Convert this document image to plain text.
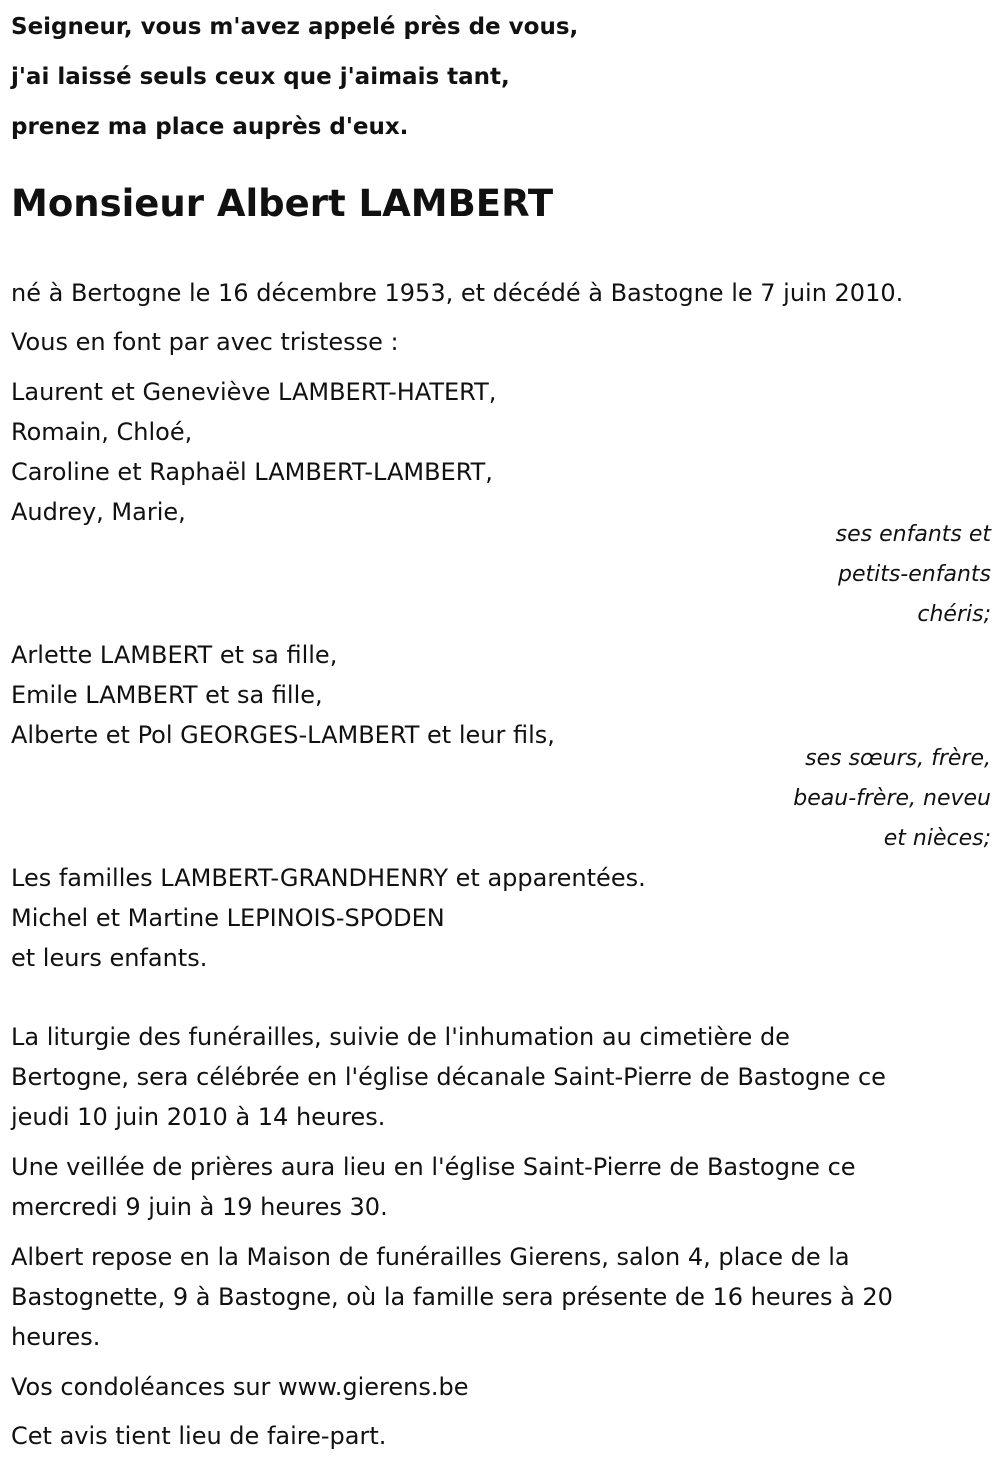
Seigneur, vous m'avez appelé près de vous,
j'ai laissé seuls ceux que j'aimais tant,
prenez ma place auprès d'eux.
Monsieur Albert LAMBERT
né à Bertogne le 16 décembre 1953, et décédé à Bastogne le 7 juin 2010.
Vous en font par avec tristesse :
Laurent et Geneviève LAMBERT-HATERT,
Romain, Chloé,
Caroline et Raphaël LAMBERT-LAMBERT,
Audrey, Marie,
ses enfants et
petits-enfants
chéris;
Arlette LAMBERT et sa fille,
Emile LAMBERT et sa fille,
Alberte et Pol GEORGES-LAMBERT et leur fils,
ses sœurs, frère,
beau-frère, neveu
et nièces;
Les familles LAMBERT-GRANDHENRY et apparentées.
Michel et Martine LEPINOIS-SPODEN
et leurs enfants.
La liturgie des funérailles, suivie de l'inhumation au cimetière de
Bertogne, sera célébrée en l'église décanale Saint-Pierre de Bastogne ce
jeudi 10 juin 2010 à 14 heures.
Une veillée de prières aura lieu en l'église Saint-Pierre de Bastogne ce
mercredi 9 juin à 19 heures 30.
Albert repose en la Maison de funérailles Gierens, salon 4, place de la
Bastognette, 9 à Bastogne, où la famille sera présente de 16 heures à 20
heures.
Vos condoléances sur www.gierens.be
Cet avis tient lieu de faire-part.
